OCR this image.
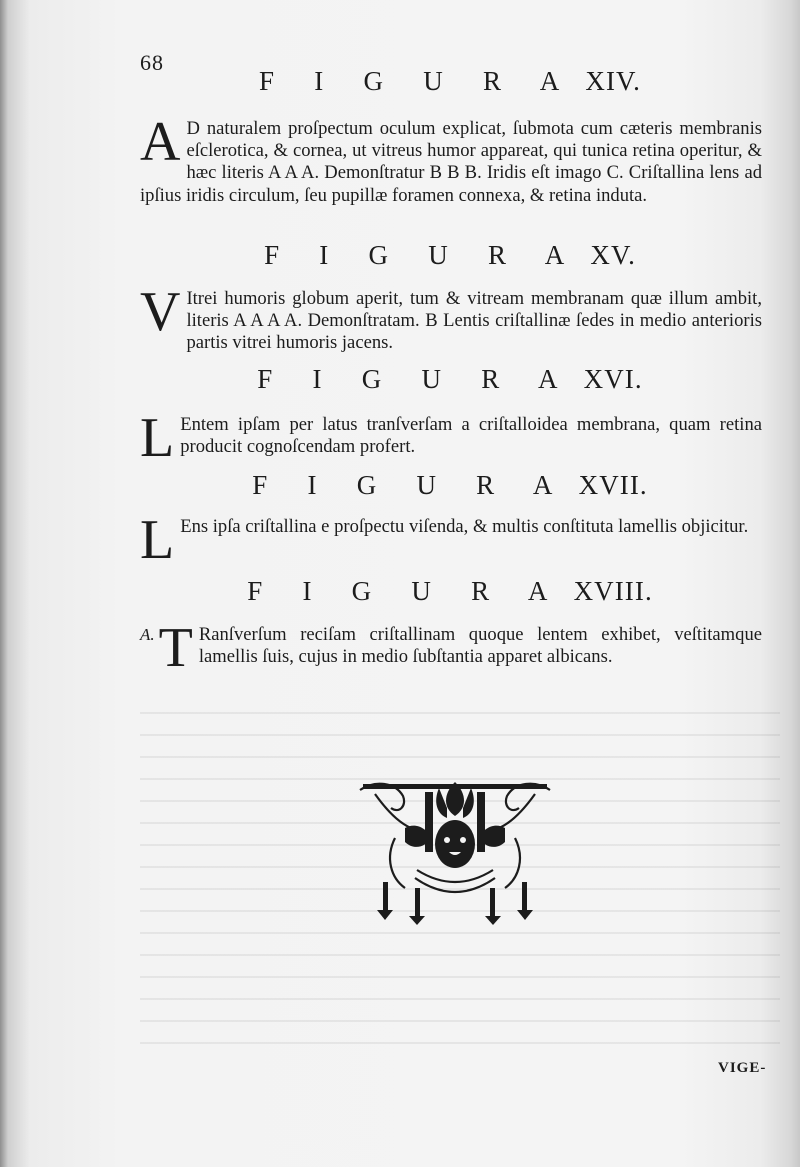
68
F I G U R A XIV.
A D naturalem proſpectum oculum explicat, ſubmota cum cæteris membranis eſclerotica, & cornea, ut vitreus humor appareat, qui tunica retina operitur, & hæc literis A A A. Demonſtratur B B B. Iridis eſt imago C. Criſtallina lens ad ipſius iridis circulum, ſeu pupillæ foramen connexa, & retina induta.
F I G U R A XV.
V Itrei humoris globum aperit, tum & vitream membranam quæ illum ambit, literis A A A A. Demonſtratam. B Lentis criſtallinæ ſedes in medio anterioris partis vitrei humoris jacens.
F I G U R A XVI.
L Entem ipſam per latus tranſverſam a criſtalloidea membrana, quam retina producit cognoſcendam profert.
F I G U R A XVII.
L Ens ipſa criſtallina e proſpectu viſenda, & multis conſtituta lamellis objicitur.
F I G U R A XVIII.
A. T Ranſverſum reciſam criſtallinam quoque lentem exhibet, veſtitamque lamellis ſuis, cujus in medio ſubſtantia apparet albicans.
VIGE-
